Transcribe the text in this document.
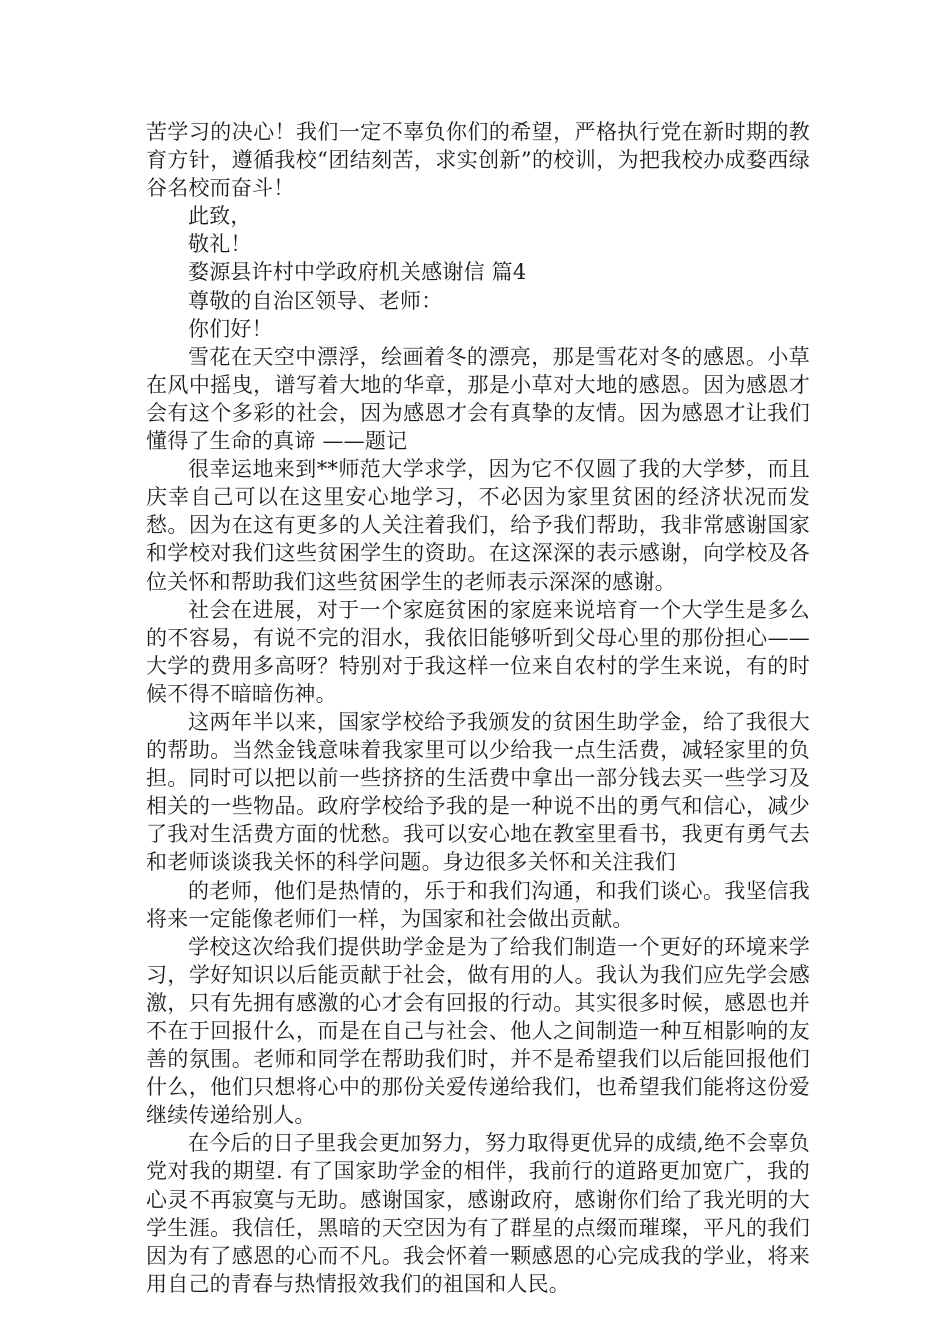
苦学习的决心！我们一定不辜负你们的希望，严格执行党在新时期的教育方针，遵循我校“团结刻苦，求实创新”的校训，为把我校办成婺西绿谷名校而奋斗！

此致，

敬礼！

婺源县许村中学政府机关感谢信 篇4

尊敬的自治区领导、老师：

你们好！

雪花在天空中漂浮，绘画着冬的漂亮，那是雪花对冬的感恩。小草在风中摇曳，谱写着大地的华章，那是小草对大地的感恩。因为感恩才会有这个多彩的社会，因为感恩才会有真挚的友情。因为感恩才让我们懂得了生命的真谛 ——题记

很幸运地来到**师范大学求学，因为它不仅圆了我的大学梦，而且庆幸自己可以在这里安心地学习，不必因为家里贫困的经济状况而发愁。因为在这有更多的人关注着我们，给予我们帮助，我非常感谢国家和学校对我们这些贫困学生的资助。在这深深的表示感谢，向学校及各位关怀和帮助我们这些贫困学生的老师表示深深的感谢。

社会在进展，对于一个家庭贫困的家庭来说培育一个大学生是多么的不容易，有说不完的泪水，我依旧能够听到父母心里的那份担心——大学的费用多高呀？特别对于我这样一位来自农村的学生来说，有的时候不得不暗暗伤神。

这两年半以来，国家学校给予我颁发的贫困生助学金，给了我很大的帮助。当然金钱意味着我家里可以少给我一点生活费，减轻家里的负担。同时可以把以前一些挤挤的生活费中拿出一部分钱去买一些学习及相关的一些物品。政府学校给予我的是一种说不出的勇气和信心，减少了我对生活费方面的忧愁。我可以安心地在教室里看书，我更有勇气去和老师谈谈我关怀的科学问题。身边很多关怀和关注我们

的老师，他们是热情的，乐于和我们沟通，和我们谈心。我坚信我将来一定能像老师们一样，为国家和社会做出贡献。

学校这次给我们提供助学金是为了给我们制造一个更好的环境来学习，学好知识以后能贡献于社会，做有用的人。我认为我们应先学会感激，只有先拥有感激的心才会有回报的行动。其实很多时候，感恩也并不在于回报什么，而是在自己与社会、他人之间制造一种互相影响的友善的氛围。老师和同学在帮助我们时，并不是希望我们以后能回报他们什么，他们只想将心中的那份关爱传递给我们，也希望我们能将这份爱继续传递给别人。

在今后的日子里我会更加努力，努力取得更优异的成绩,绝不会辜负党对我的期望. 有了国家助学金的相伴，我前行的道路更加宽广，我的心灵不再寂寞与无助。感谢国家，感谢政府，感谢你们给了我光明的大学生涯。我信任，黑暗的天空因为有了群星的点缀而璀璨，平凡的我们因为有了感恩的心而不凡。我会怀着一颗感恩的心完成我的学业，将来用自己的青春与热情报效我们的祖国和人民。
